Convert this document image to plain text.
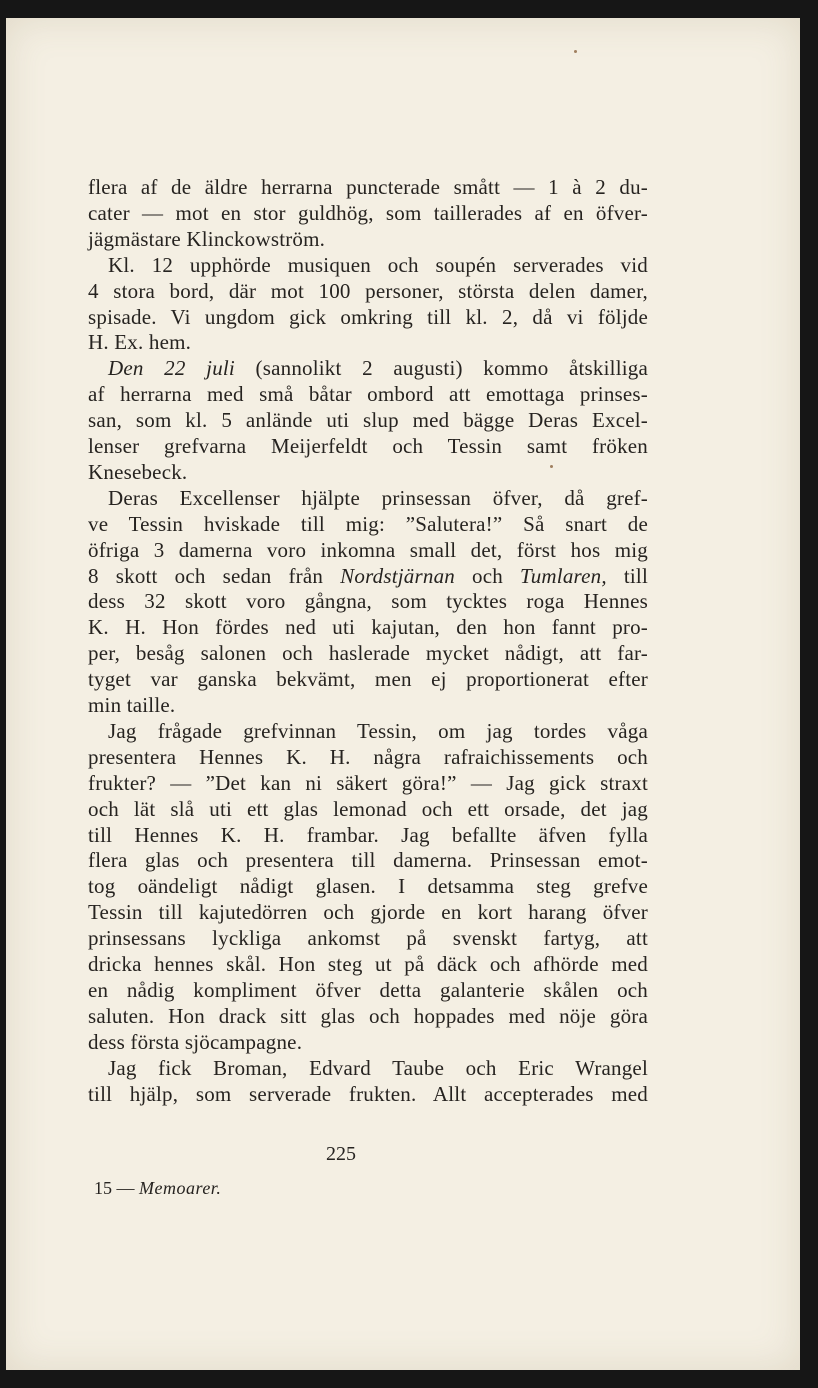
flera af de äldre herrarna puncterade smått — 1 à 2 du-
cater — mot en stor guldhög, som taillerades af en öfver-
jägmästare Klinckowström.
Kl. 12 upphörde musiquen och soupén serverades vid
4 stora bord, där mot 100 personer, största delen damer,
spisade. Vi ungdom gick omkring till kl. 2, då vi följde
H. Ex. hem.
Den 22 juli (sannolikt 2 augusti) kommo åtskilliga
af herrarna med små båtar ombord att emottaga prinses-
san, som kl. 5 anlände uti slup med bägge Deras Excel-
lenser grefvarna Meijerfeldt och Tessin samt fröken
Knesebeck.
Deras Excellenser hjälpte prinsessan öfver, då gref-
ve Tessin hviskade till mig: ”Salutera!” Så snart de
öfriga 3 damerna voro inkomna small det, först hos mig
8 skott och sedan från Nordstjärnan och Tumlaren, till
dess 32 skott voro gångna, som tycktes roga Hennes
K. H. Hon fördes ned uti kajutan, den hon fannt pro-
per, besåg salonen och haslerade mycket nådigt, att far-
tyget var ganska bekvämt, men ej proportionerat efter
min taille.
Jag frågade grefvinnan Tessin, om jag tordes våga
presentera Hennes K. H. några rafraichissements och
frukter? — ”Det kan ni säkert göra!” — Jag gick straxt
och lät slå uti ett glas lemonad och ett orsade, det jag
till Hennes K. H. frambar. Jag befallte äfven fylla
flera glas och presentera till damerna. Prinsessan emot-
tog oändeligt nådigt glasen. I detsamma steg grefve
Tessin till kajutedörren och gjorde en kort harang öfver
prinsessans lyckliga ankomst på svenskt fartyg, att
dricka hennes skål. Hon steg ut på däck och afhörde med
en nådig kompliment öfver detta galanterie skålen och
saluten. Hon drack sitt glas och hoppades med nöje göra
dess första sjöcampagne.
Jag fick Broman, Edvard Taube och Eric Wrangel
till hjälp, som serverade frukten. Allt accepterades med
225
15 — Memoarer.
